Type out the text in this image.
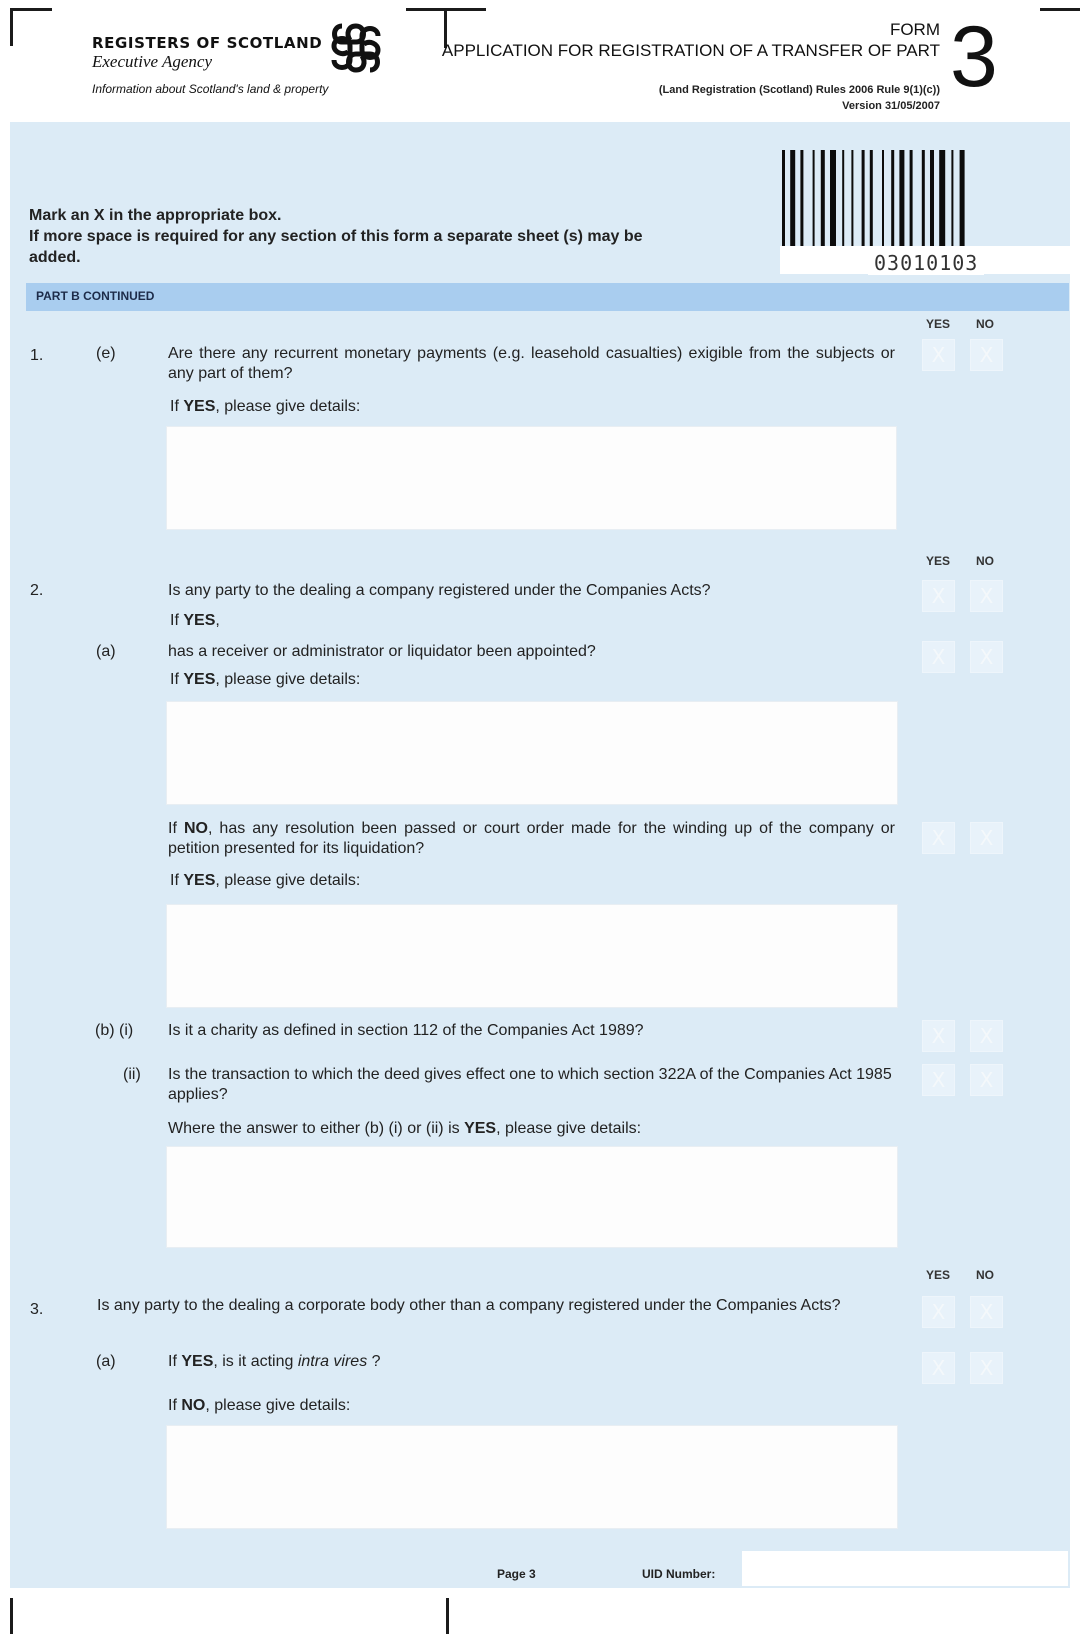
REGISTERS OF SCOTLAND
Executive Agency
Information about Scotland's land & property
FORM
APPLICATION FOR REGISTRATION OF A TRANSFER OF PART
(Land Registration (Scotland) Rules 2006 Rule 9(1)(c))
Version 31/05/2007
3
03010103
Mark an X in the appropriate box.
If more space is required for any section of this form a separate sheet (s) may be added.
PART B CONTINUED
YES NO
1.	(e)	Are there any recurrent monetary payments (e.g. leasehold casualties) exigible from the subjects or any part of them?
X X
If YES, please give details:
YES NO
2.	Is any party to the dealing a company registered under the Companies Acts?	X X
If YES,
(a)	has a receiver or administrator or liquidator been appointed?	X X
If YES, please give details:
If NO, has any resolution been passed or court order made for the winding up of the company or petition presented for its liquidation?	X X
If YES, please give details:
(b) (i) Is it a charity as defined in section 112 of the Companies Act 1989?	X X
(ii) Is the transaction to which the deed gives effect one to which section 322A of the Companies Act 1985 applies?
X X
Where the answer to either (b) (i) or (ii) is YES, please give details:
YES NO
3.	Is any party to the dealing a corporate body other than a company registered under the Companies Acts?	X X
(a)	If YES, is it acting intra vires ?	X X
If NO, please give details:
Page 3	UID Number:
